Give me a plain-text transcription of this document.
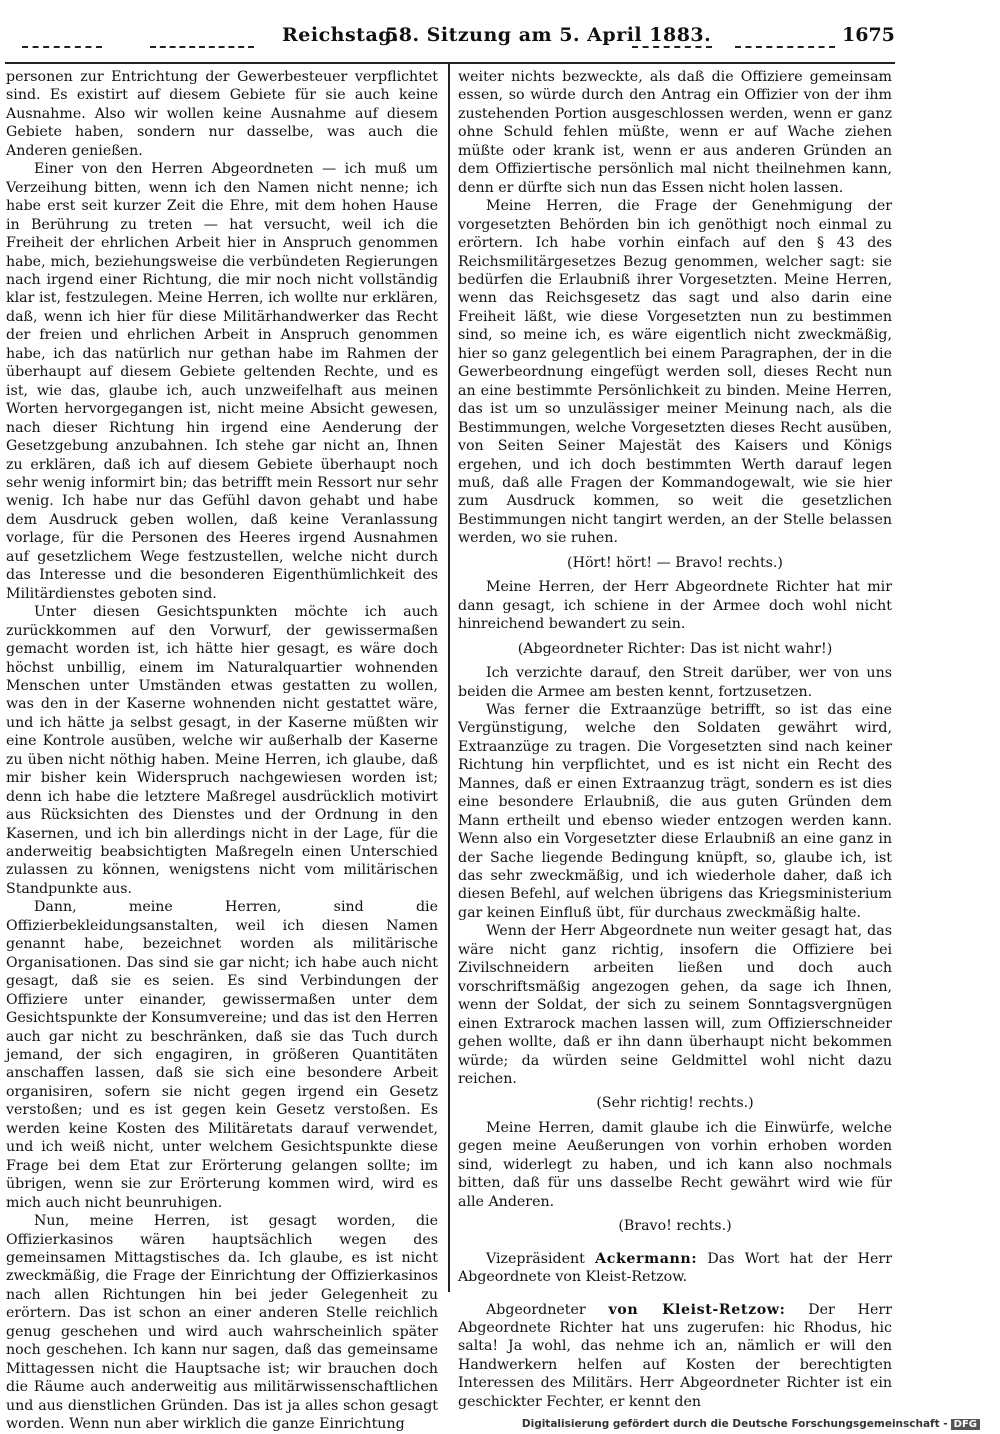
Reichstag.
58. Sitzung am 5. April 1883.	1675

personen zur Entrichtung der Gewerbesteuer verpflichtet sind. Es existirt auf diesem Gebiete für sie auch keine Ausnahme. Also wir wollen keine Ausnahme auf diesem Gebiete haben, sondern nur dasselbe, was auch die Anderen genießen.

Einer von den Herren Abgeordneten — ich muß um Verzeihung bitten, wenn ich den Namen nicht nenne; ich habe erst seit kurzer Zeit die Ehre, mit dem hohen Hause in Berührung zu treten — hat versucht, weil ich die Freiheit der ehrlichen Arbeit hier in Anspruch genommen habe, mich, beziehungsweise die verbündeten Regierungen nach irgend einer Richtung, die mir noch nicht vollständig klar ist, festzulegen. Meine Herren, ich wollte nur erklären, daß, wenn ich hier für diese Militärhandwerker das Recht der freien und ehrlichen Arbeit in Anspruch genommen habe, ich das natürlich nur gethan habe im Rahmen der überhaupt auf diesem Gebiete geltenden Rechte, und es ist, wie das, glaube ich, auch unzweifelhaft aus meinen Worten hervorgegangen ist, nicht meine Absicht gewesen, nach dieser Richtung hin irgend eine Aenderung der Gesetzgebung anzubahnen. Ich stehe gar nicht an, Ihnen zu erklären, daß ich auf diesem Gebiete überhaupt noch sehr wenig informirt bin; das betrifft mein Ressort nur sehr wenig. Ich habe nur das Gefühl davon gehabt und habe dem Ausdruck geben wollen, daß keine Veranlassung vorlage, für die Personen des Heeres irgend Ausnahmen auf gesetzlichem Wege festzustellen, welche nicht durch das Interesse und die besonderen Eigenthümlichkeit des Militärdienstes geboten sind.

Unter diesen Gesichtspunkten möchte ich auch zurückkommen auf den Vorwurf, der gewissermaßen gemacht worden ist, ich hätte hier gesagt, es wäre doch höchst unbillig, einem im Naturalquartier wohnenden Menschen unter Umständen etwas gestatten zu wollen, was den in der Kaserne wohnenden nicht gestattet wäre, und ich hätte ja selbst gesagt, in der Kaserne müßten wir eine Kontrole ausüben, welche wir außerhalb der Kaserne zu üben nicht nöthig haben. Meine Herren, ich glaube, daß mir bisher kein Widerspruch nachgewiesen worden ist; denn ich habe die letztere Maßregel ausdrücklich motivirt aus Rücksichten des Dienstes und der Ordnung in den Kasernen, und ich bin allerdings nicht in der Lage, für die anderweitig beabsichtigten Maßregeln einen Unterschied zulassen zu können, wenigstens nicht vom militärischen Standpunkte aus.

Dann, meine Herren, sind die Offizierbekleidungsanstalten, weil ich diesen Namen genannt habe, bezeichnet worden als militärische Organisationen. Das sind sie gar nicht; ich habe auch nicht gesagt, daß sie es seien. Es sind Verbindungen der Offiziere unter einander, gewissermaßen unter dem Gesichtspunkte der Konsumvereine; und das ist den Herren auch gar nicht zu beschränken, daß sie das Tuch durch jemand, der sich engagiren, in größeren Quantitäten anschaffen lassen, daß sie sich eine besondere Arbeit organisiren, sofern sie nicht gegen irgend ein Gesetz verstoßen; und es ist gegen kein Gesetz verstoßen. Es werden keine Kosten des Militäretats darauf verwendet, und ich weiß nicht, unter welchem Gesichtspunkte diese Frage bei dem Etat zur Erörterung gelangen sollte; im übrigen, wenn sie zur Erörterung kommen wird, wird es mich auch nicht beunruhigen.

Nun, meine Herren, ist gesagt worden, die Offizierkasinos wären hauptsächlich wegen des gemeinsamen Mittagstisches da. Ich glaube, es ist nicht zweckmäßig, die Frage der Einrichtung der Offizierkasinos nach allen Richtungen hin bei jeder Gelegenheit zu erörtern. Das ist schon an einer anderen Stelle reichlich genug geschehen und wird auch wahrscheinlich später noch geschehen. Ich kann nur sagen, daß das gemeinsame Mittagessen nicht die Hauptsache ist; wir brauchen doch die Räume auch anderweitig aus militärwissenschaftlichen und aus dienstlichen Gründen. Das ist ja alles schon gesagt worden. Wenn nun aber wirklich die ganze Einrichtung

weiter nichts bezweckte, als daß die Offiziere gemeinsam essen, so würde durch den Antrag ein Offizier von der ihm zustehenden Portion ausgeschlossen werden, wenn er ganz ohne Schuld fehlen müßte, wenn er auf Wache ziehen müßte oder krank ist, wenn er aus anderen Gründen an dem Offiziertische persönlich mal nicht theilnehmen kann, denn er dürfte sich nun das Essen nicht holen lassen.

Meine Herren, die Frage der Genehmigung der vorgesetzten Behörden bin ich genöthigt noch einmal zu erörtern. Ich habe vorhin einfach auf den § 43 des Reichsmilitärgesetzes Bezug genommen, welcher sagt: sie bedürfen die Erlaubniß ihrer Vorgesetzten. Meine Herren, wenn das Reichsgesetz das sagt und also darin eine Freiheit läßt, wie diese Vorgesetzten nun zu bestimmen sind, so meine ich, es wäre eigentlich nicht zweckmäßig, hier so ganz gelegentlich bei einem Paragraphen, der in die Gewerbeordnung eingefügt werden soll, dieses Recht nun an eine bestimmte Persönlichkeit zu binden. Meine Herren, das ist um so unzulässiger meiner Meinung nach, als die Bestimmungen, welche Vorgesetzten dieses Recht ausüben, von Seiten Seiner Majestät des Kaisers und Königs ergehen, und ich doch bestimmten Werth darauf legen muß, daß alle Fragen der Kommandogewalt, wie sie hier zum Ausdruck kommen, so weit die gesetzlichen Bestimmungen nicht tangirt werden, an der Stelle belassen werden, wo sie ruhen.

(Hört! hört! — Bravo! rechts.)

Meine Herren, der Herr Abgeordnete Richter hat mir dann gesagt, ich schiene in der Armee doch wohl nicht hinreichend bewandert zu sein.

(Abgeordneter Richter: Das ist nicht wahr!)

Ich verzichte darauf, den Streit darüber, wer von uns beiden die Armee am besten kennt, fortzusetzen.

Was ferner die Extraanzüge betrifft, so ist das eine Vergünstigung, welche den Soldaten gewährt wird, Extraanzüge zu tragen. Die Vorgesetzten sind nach keiner Richtung hin verpflichtet, und es ist nicht ein Recht des Mannes, daß er einen Extraanzug trägt, sondern es ist dies eine besondere Erlaubniß, die aus guten Gründen dem Mann ertheilt und ebenso wieder entzogen werden kann. Wenn also ein Vorgesetzter diese Erlaubniß an eine ganz in der Sache liegende Bedingung knüpft, so, glaube ich, ist das sehr zweckmäßig, und ich wiederhole daher, daß ich diesen Befehl, auf welchen übrigens das Kriegsministerium gar keinen Einfluß übt, für durchaus zweckmäßig halte.

Wenn der Herr Abgeordnete nun weiter gesagt hat, das wäre nicht ganz richtig, insofern die Offiziere bei Zivilschneidern arbeiten ließen und doch auch vorschriftsmäßig angezogen gehen, da sage ich Ihnen, wenn der Soldat, der sich zu seinem Sonntagsvergnügen einen Extrarock machen lassen will, zum Offizierschneider gehen wollte, daß er ihn dann überhaupt nicht bekommen würde; da würden seine Geldmittel wohl nicht dazu reichen.

(Sehr richtig! rechts.)

Meine Herren, damit glaube ich die Einwürfe, welche gegen meine Aeußerungen von vorhin erhoben worden sind, widerlegt zu haben, und ich kann also nochmals bitten, daß für uns dasselbe Recht gewährt wird wie für alle Anderen.

(Bravo! rechts.)

Vizepräsident Ackermann: Das Wort hat der Herr Abgeordnete von Kleist-Retzow.

Abgeordneter von Kleist-Retzow: Der Herr Abgeordnete Richter hat uns zugerufen: hic Rhodus, hic salta! Ja wohl, das nehme ich an, nämlich er will den Handwerkern helfen auf Kosten der berechtigten Interessen des Militärs. Herr Abgeordneter Richter ist ein geschickter Fechter, er kennt den

Digitalisierung gefördert durch die Deutsche Forschungsgemeinschaft - DFG
